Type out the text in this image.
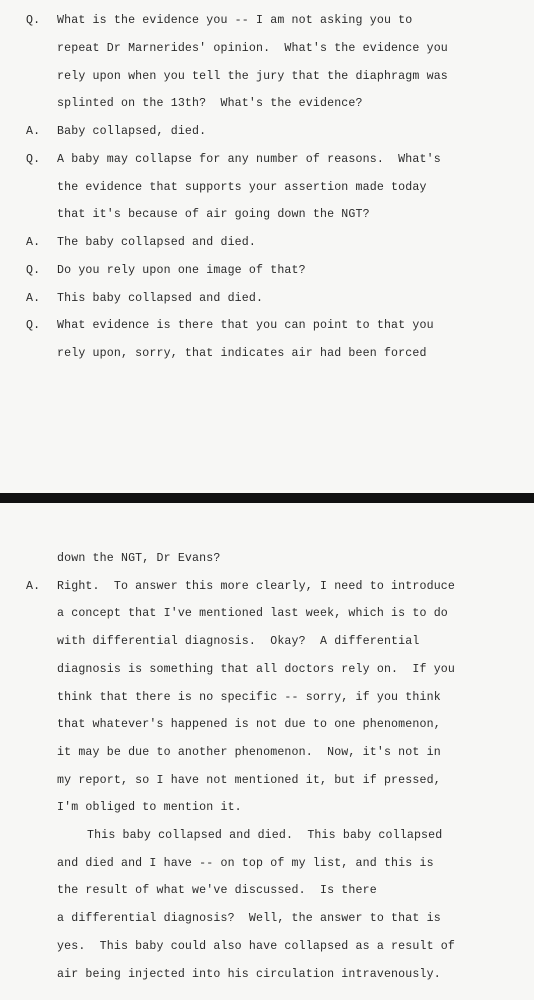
Q.	What is the evidence you -- I am not asking you to
repeat Dr Marnerides' opinion.  What's the evidence you
rely upon when you tell the jury that the diaphragm was
splinted on the 13th?  What's the evidence?
A.	Baby collapsed, died.
Q.	A baby may collapse for any number of reasons.  What's
the evidence that supports your assertion made today
that it's because of air going down the NGT?
A.	The baby collapsed and died.
Q.	Do you rely upon one image of that?
A.	This baby collapsed and died.
Q.	What evidence is there that you can point to that you
rely upon, sorry, that indicates air had been forced
down the NGT, Dr Evans?
A.	Right.  To answer this more clearly, I need to introduce
a concept that I've mentioned last week, which is to do
with differential diagnosis.  Okay?  A differential
diagnosis is something that all doctors rely on.  If you
think that there is no specific -- sorry, if you think
that whatever's happened is not due to one phenomenon,
it may be due to another phenomenon.  Now, it's not in
my report, so I have not mentioned it, but if pressed,
I'm obliged to mention it.
This baby collapsed and died.  This baby collapsed
and died and I have -- on top of my list, and this is
the result of what we've discussed.  Is there
a differential diagnosis?  Well, the answer to that is
yes.  This baby could also have collapsed as a result of
air being injected into his circulation intravenously.
